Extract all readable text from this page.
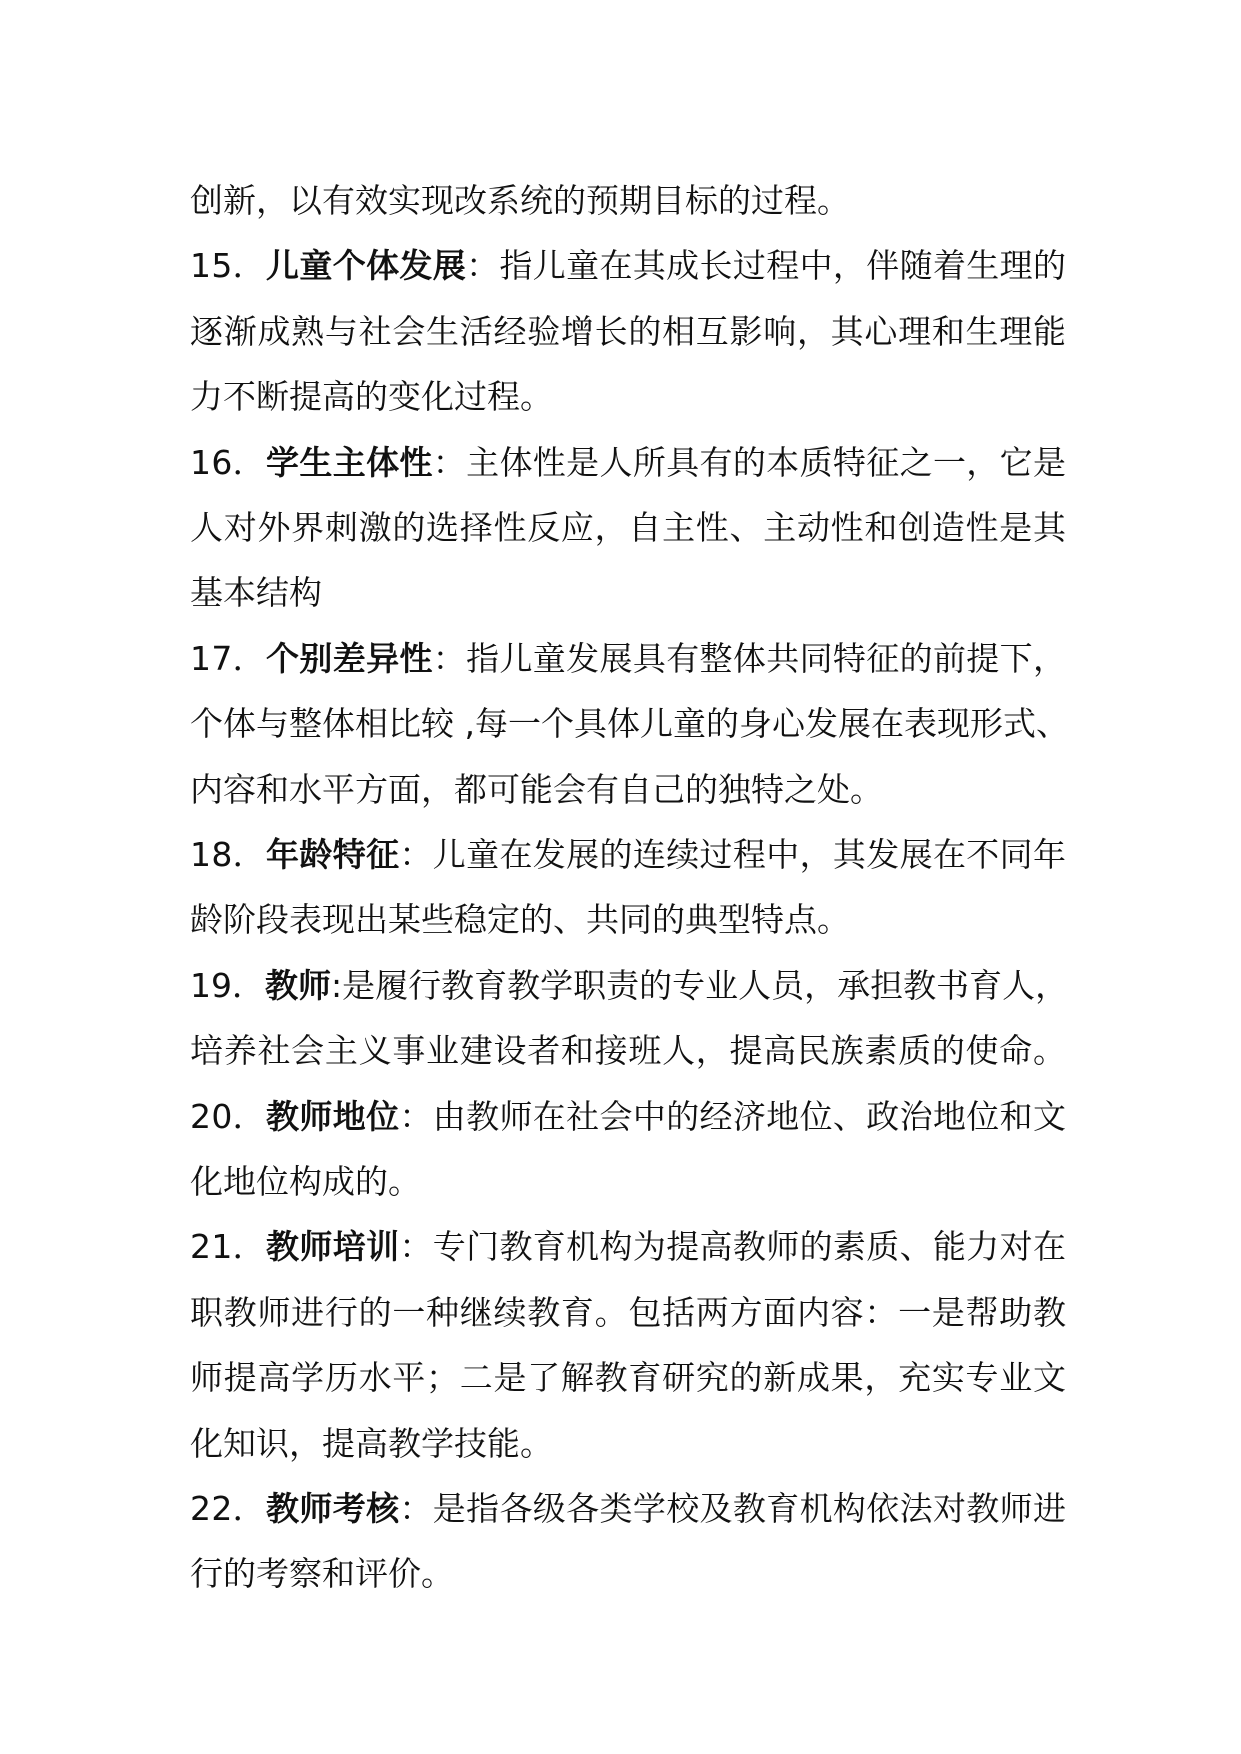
创新，以有效实现改系统的预期目标的过程。
15．儿童个体发展：指儿童在其成长过程中，伴随着生理的
逐渐成熟与社会生活经验增长的相互影响，其心理和生理能
力不断提高的变化过程。
16．学生主体性：主体性是人所具有的本质特征之一，它是
人对外界刺激的选择性反应，自主性、主动性和创造性是其
基本结构
17．个别差异性：指儿童发展具有整体共同特征的前提下，
个体与整体相比较 ,每一个具体儿童的身心发展在表现形式、
内容和水平方面，都可能会有自己的独特之处。
18．年龄特征：儿童在发展的连续过程中，其发展在不同年
龄阶段表现出某些稳定的、共同的典型特点。
19．教师:是履行教育教学职责的专业人员，承担教书育人，
培养社会主义事业建设者和接班人，提高民族素质的使命。
20．教师地位：由教师在社会中的经济地位、政治地位和文
化地位构成的。
21．教师培训：专门教育机构为提高教师的素质、能力对在
职教师进行的一种继续教育。包括两方面内容：一是帮助教
师提高学历水平；二是了解教育研究的新成果，充实专业文
化知识，提高教学技能。
22．教师考核：是指各级各类学校及教育机构依法对教师进
行的考察和评价。
